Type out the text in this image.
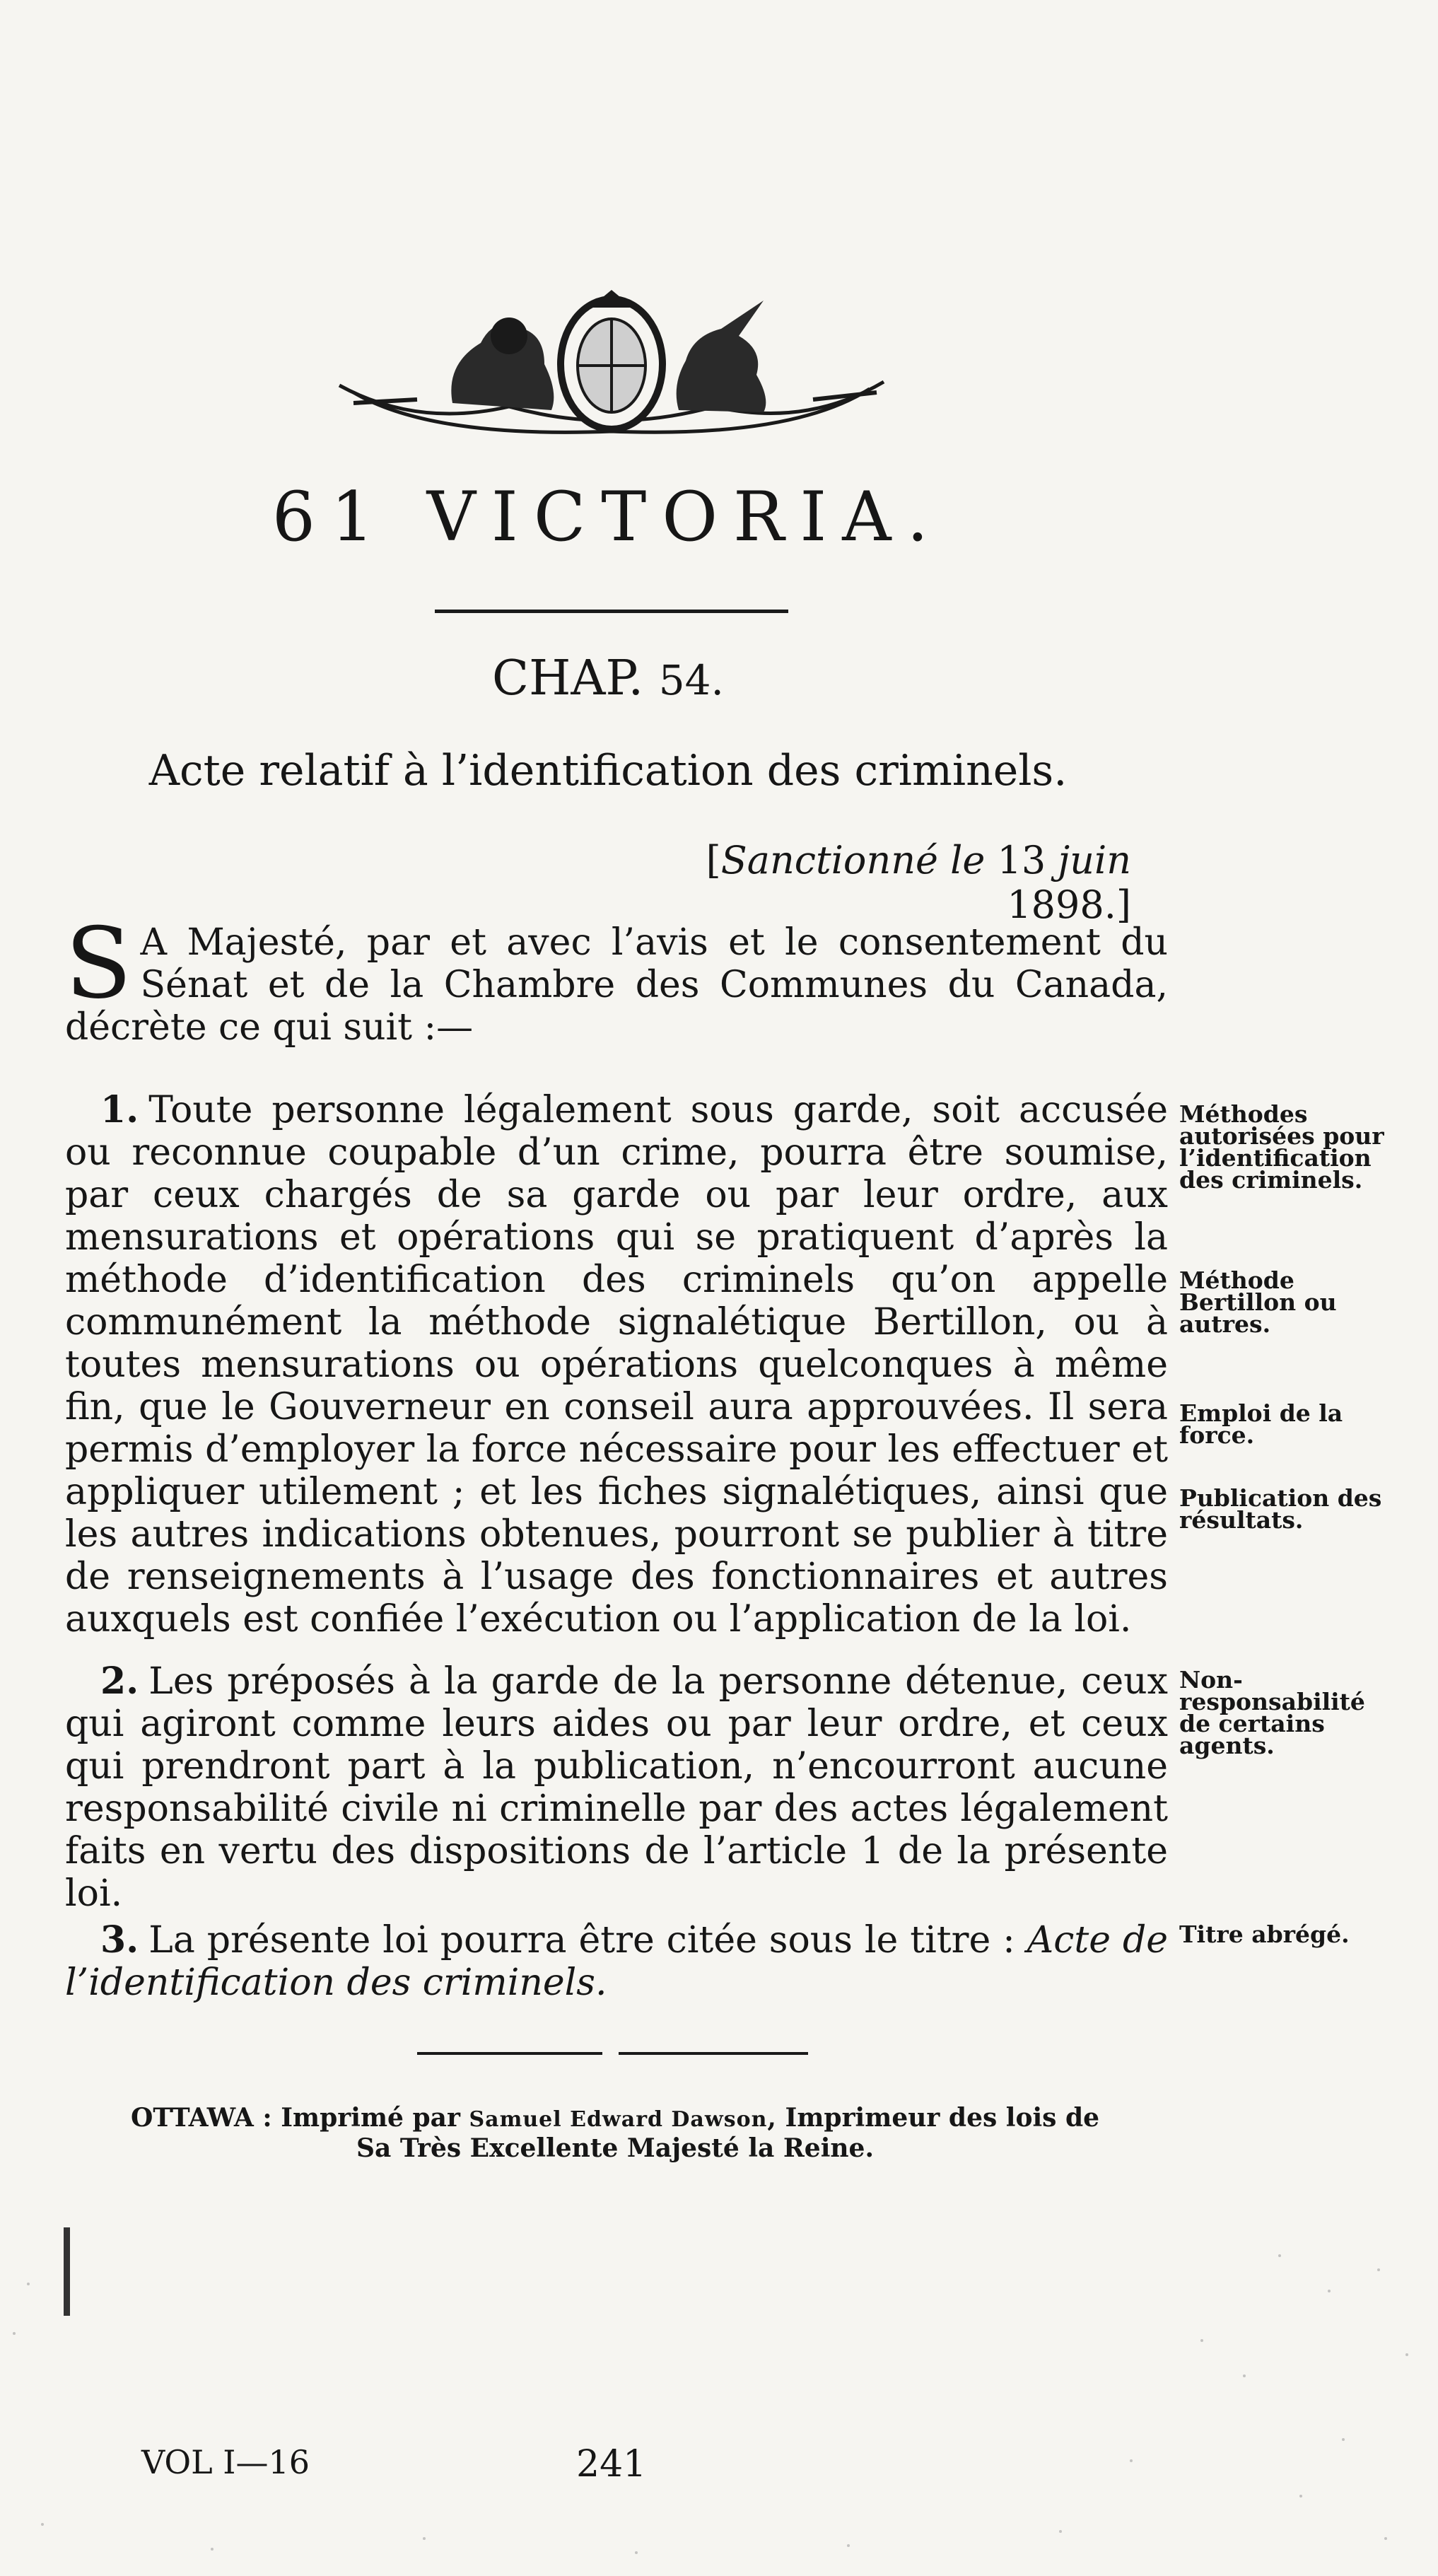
61 VICTORIA.
CHAP. 54.
Acte relatif à l’identification des criminels.
[Sanctionné le 13 juin 1898.]
S A Majesté, par et avec l’avis et le consentement du Sénat et de la Chambre des Communes du Canada, décrète ce qui suit :—
1. Toute personne légalement sous garde, soit accusée ou reconnue coupable d’un crime, pourra être soumise, par ceux chargés de sa garde ou par leur ordre, aux mensurations et opérations qui se pratiquent d’après la méthode d’identification des criminels qu’on appelle communément la méthode signalétique Bertillon, ou à toutes mensurations ou opérations quelconques à même fin, que le Gouverneur en conseil aura approuvées. Il sera permis d’employer la force nécessaire pour les effectuer et appliquer utilement ; et les fiches signalétiques, ainsi que les autres indications obtenues, pourront se publier à titre de renseignements à l’usage des fonctionnaires et autres auxquels est confiée l’exécution ou l’application de la loi.
2. Les préposés à la garde de la personne détenue, ceux qui agiront comme leurs aides ou par leur ordre, et ceux qui prendront part à la publication, n’encourront aucune responsabilité civile ni criminelle par des actes légalement faits en vertu des dispositions de l’article 1 de la présente loi.
3. La présente loi pourra être citée sous le titre : Acte de l’identification des criminels.
Méthodes autorisées pour l’identification des criminels.
Méthode Bertillon ou autres.
Emploi de la force.
Publication des résultats.
Non-responsabilité de certains agents.
Titre abrégé.
OTTAWA : Imprimé par Samuel Edward Dawson, Imprimeur des lois de
Sa Très Excellente Majesté la Reine.
VOL I—16	241
